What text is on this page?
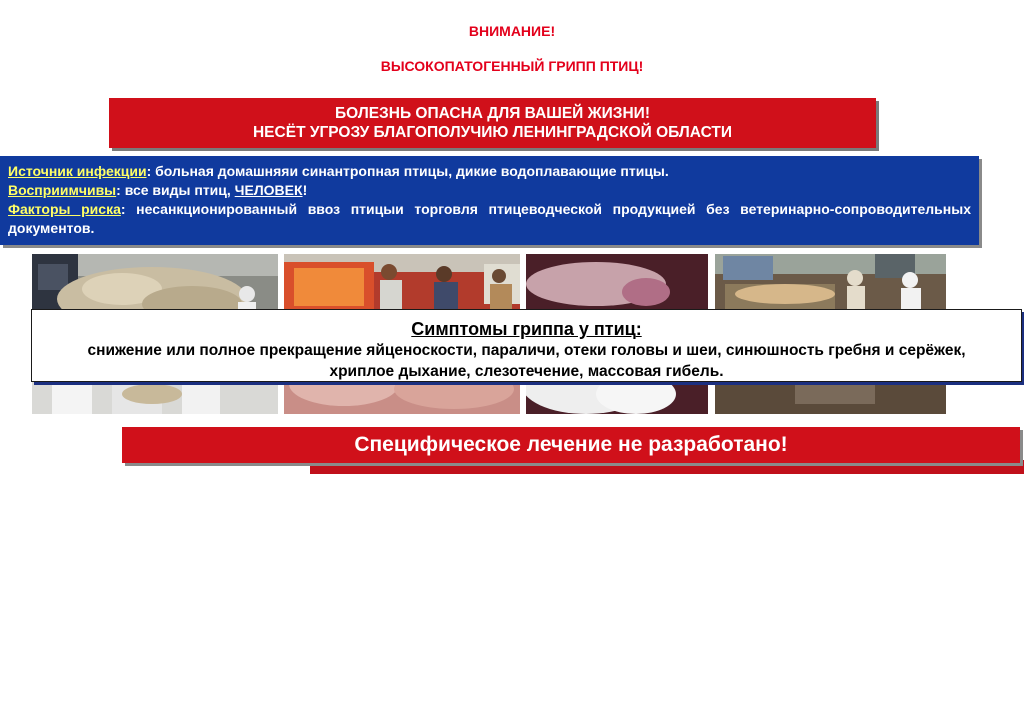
ВНИМАНИЕ!
ВЫСОКОПАТОГЕННЫЙ ГРИПП ПТИЦ!
БОЛЕЗНЬ ОПАСНА ДЛЯ ВАШЕЙ ЖИЗНИ!
НЕСЁТ УГРОЗУ БЛАГОПОЛУЧИЮ ЛЕНИНГРАДСКОЙ ОБЛАСТИ

Источник инфекции: больная домашняяи синантропная птицы, дикие водоплавающие птицы.

Восприимчивы: все виды птиц, ЧЕЛОВЕК!

Факторы риска: несанкционированный ввоз птицыи торговля птицеводческой продукцией без ветеринарно-сопроводительных документов.

Симптомы гриппа у птиц:
снижение или полное прекращение яйценоскости, параличи, отеки головы и шеи, синюшность гребня и серёжек, хриплое дыхание, слезотечение, массовая гибель.
Специфическое лечение не разработано!
